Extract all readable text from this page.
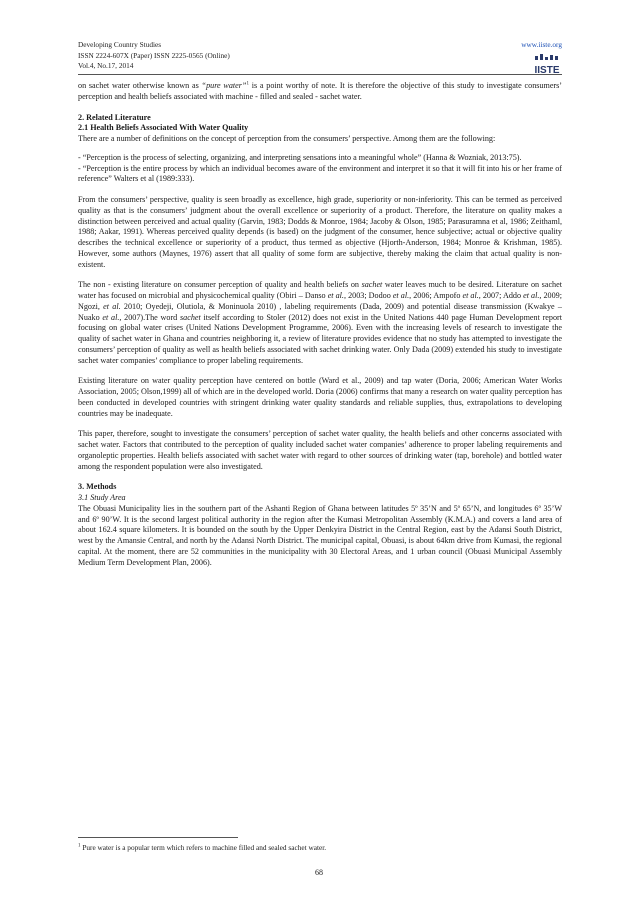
Developing Country Studies
ISSN 2224-607X (Paper) ISSN 2225-0565 (Online)
Vol.4, No.17, 2014
www.iiste.org
IISTE

on sachet water otherwise known as “pure water”$^1$ is a point worthy of note. It is therefore the objective of this study to investigate consumers’ perception and health beliefs associated with machine - filled and sealed - sachet water.

2. Related Literature

2.1 Health Beliefs Associated With Water Quality

There are a number of definitions on the concept of perception from the consumers’ perspective. Among them are the following:

- “Perception is the process of selecting, organizing, and interpreting sensations into a meaningful whole” (Hanna & Wozniak, 2013:75).

- “Perception is the entire process by which an individual becomes aware of the environment and interpret it so that it will fit into his or her frame of reference” Walters et al (1989:333).

From the consumers’ perspective, quality is seen broadly as excellence, high grade, superiority or non-inferiority. This can be termed as perceived quality as that is the consumers’ judgment about the overall excellence or superiority of a product. Therefore, the literature on quality makes a distinction between perceived and actual quality (Garvin, 1983; Dodds & Monroe, 1984; Jacoby & Olson, 1985; Parasuramna et al, 1986; Zeithaml, 1988; Aakar, 1991). Whereas perceived quality depends (is based) on the judgment of the consumer, hence subjective; actual or objective quality describes the technical excellence or superiority of a product, thus termed as objective (Hjorth-Anderson, 1984; Monroe & Krishman, 1985). However, some authors (Maynes, 1976) assert that all quality of some form are subjective, thereby making the claim that actual quality is non-existent.

The non - existing literature on consumer perception of quality and health beliefs on sachet water leaves much to be desired. Literature on sachet water has focused on microbial and physicochemical quality (Obiri – Danso et al., 2003; Dodoo et al., 2006; Ampofo et al., 2007; Addo et al., 2009; Ngozi, et al. 2010; Oyedeji, Olutiola, & Moninuola 2010) , labeling requirements (Dada, 2009) and potential disease transmission (Kwakye – Nuako et al., 2007).The word sachet itself according to Stoler (2012) does not exist in the United Nations 440 page Human Development report focusing on global water crises (United Nations Development Programme, 2006). Even with the increasing levels of research to investigate the quality of sachet water in Ghana and countries neighboring it, a review of literature provides evidence that no study has attempted to investigate the consumers’ perception of quality as well as health beliefs associated with sachet drinking water. Only Dada (2009) extended his study to investigate sachet water companies’ compliance to proper labeling requirements.

Existing literature on water quality perception have centered on bottle (Ward et al., 2009) and tap water (Doria, 2006; American Water Works Association, 2005; Olson,1999) all of which are in the developed world. Doria (2006) confirms that many a research on water quality perception has been conducted in developed countries with stringent drinking water quality standards and reliable supplies, thus, extrapolations to developing countries may be inadequate.

This paper, therefore, sought to investigate the consumers’ perception of sachet water quality, the health beliefs and other concerns associated with sachet water. Factors that contributed to the perception of quality included sachet water companies’ adherence to proper labeling requirements and organoleptic properties. Health beliefs associated with sachet water with regard to other sources of drinking water (tap, borehole) and bottled water among the respondent population were also investigated.

3. Methods

3.1 Study Area

The Obuasi Municipality lies in the southern part of the Ashanti Region of Ghana between latitudes 5º 35’N and 5º 65’N, and longitudes 6º 35’W and 6º 90’W. It is the second largest political authority in the region after the Kumasi Metropolitan Assembly (K.M.A.) and covers a land area of about 162.4 square kilometers. It is bounded on the south by the Upper Denkyira District in the Central Region, east by the Adansi South District, west by the Amansie Central, and north by the Adansi North District. The municipal capital, Obuasi, is about 64km drive from Kumasi, the regional capital. At the moment, there are 52 communities in the municipality with 30 Electoral Areas, and 1 urban council (Obuasi Municipal Assembly Medium Term Development Plan, 2006).

$^1$ Pure water is a popular term which refers to machine filled and sealed sachet water.
68
